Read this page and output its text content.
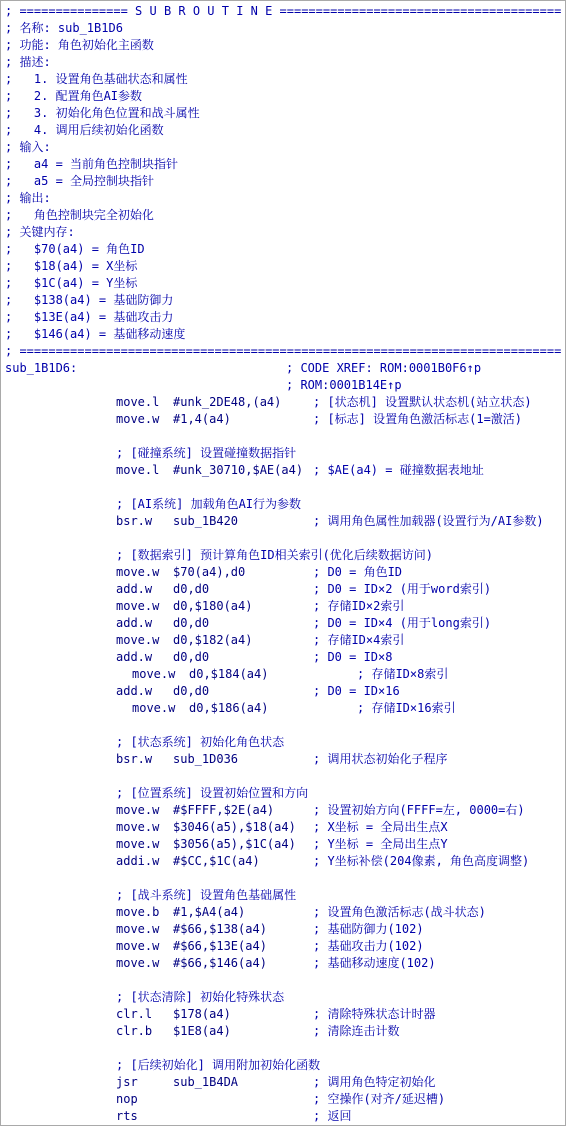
; =============== S U B R O U T I N E =======================================
; 名称: sub_1B1D6
; 功能: 角色初始化主函数
; 描述:
;   1. 设置角色基础状态和属性
;   2. 配置角色AI参数
;   3. 初始化角色位置和战斗属性
;   4. 调用后续初始化函数
; 输入:
;   a4 = 当前角色控制块指针
;   a5 = 全局控制块指针
; 输出:
;   角色控制块完全初始化
; 关键内存:
;   $70(a4) = 角色ID
;   $18(a4) = X坐标
;   $1C(a4) = Y坐标
;   $138(a4) = 基础防御力
;   $13E(a4) = 基础攻击力
;   $146(a4) = 基础移动速度
; ===========================================================================
sub_1B1D6:	; CODE XREF: ROM:0001B0F6↑p
; ROM:0001B14E↑p
move.l #unk_2DE48,(a4)	; [状态机] 设置默认状态机(站立状态)
move.w #1,4(a4)	; [标志] 设置角色激活标志(1=激活)
; [碰撞系统] 设置碰撞数据指针
move.l #unk_30710,$AE(a4) ; $AE(a4) = 碰撞数据表地址
; [AI系统] 加载角色AI行为参数
bsr.w sub_1B420	; 调用角色属性加载器(设置行为/AI参数)
; [数据索引] 预计算角色ID相关索引(优化后续数据访问)
move.w $70(a4),d0	; D0 = 角色ID
add.w d0,d0	; D0 = ID×2 (用于word索引)
move.w d0,$180(a4)	; 存储ID×2索引
add.w d0,d0	; D0 = ID×4 (用于long索引)
move.w d0,$182(a4)	; 存储ID×4索引
add.w d0,d0	; D0 = ID×8
move.w d0,$184(a4)	; 存储ID×8索引
add.w d0,d0	; D0 = ID×16
move.w d0,$186(a4)	; 存储ID×16索引
; [状态系统] 初始化角色状态
bsr.w sub_1D036	; 调用状态初始化子程序
; [位置系统] 设置初始位置和方向
move.w #$FFFF,$2E(a4)	; 设置初始方向(FFFF=左, 0000=右)
move.w $3046(a5),$18(a4) ; X坐标 = 全局出生点X
move.w $3056(a5),$1C(a4) ; Y坐标 = 全局出生点Y
addi.w #$CC,$1C(a4)	; Y坐标补偿(204像素, 角色高度调整)
; [战斗系统] 设置角色基础属性
move.b #1,$A4(a4)	; 设置角色激活标志(战斗状态)
move.w #$66,$138(a4)	; 基础防御力(102)
move.w #$66,$13E(a4)	; 基础攻击力(102)
move.w #$66,$146(a4)	; 基础移动速度(102)
; [状态清除] 初始化特殊状态
clr.l $178(a4)	; 清除特殊状态计时器
clr.b $1E8(a4)	; 清除连击计数
; [后续初始化] 调用附加初始化函数
jsr	sub_1B4DA	; 调用角色特定初始化
nop	; 空操作(对齐/延迟槽)
rts	; 返回
